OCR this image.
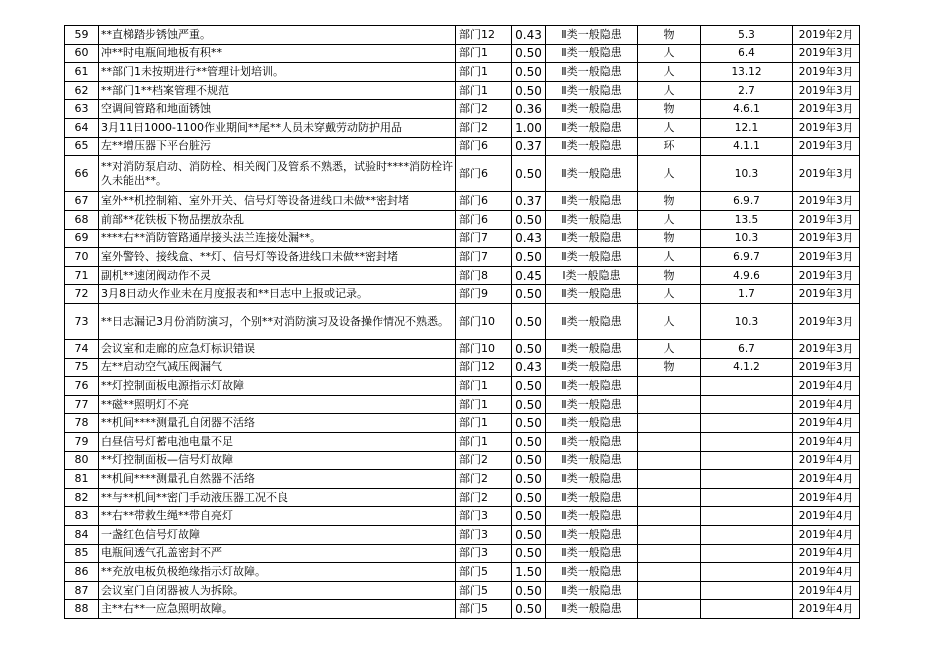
59	**直梯踏步锈蚀严重。	部门12	0.43	Ⅱ类一般隐患	物	5.3	2019年2月
60	冲**时电瓶间地板有积**	部门1	0.50	Ⅱ类一般隐患	人	6.4	2019年3月
61	**部门1未按期进行**管理计划培训。	部门1	0.50	Ⅱ类一般隐患	人	13.12	2019年3月
62	**部门1**档案管理不规范	部门1	0.50	Ⅱ类一般隐患	人	2.7	2019年3月
63	空调间管路和地面锈蚀	部门2	0.36	Ⅱ类一般隐患	物	4.6.1	2019年3月
64	3月11日1000-1100作业期间**尾**人员未穿戴劳动防护用品	部门2	1.00	Ⅱ类一般隐患	人	12.1	2019年3月
65	左**增压器下平台脏污	部门6	0.37	Ⅱ类一般隐患	环	4.1.1	2019年3月
66	**对消防泵启动、消防栓、相关阀门及管系不熟悉，试验时****消防栓许久未能出**。	部门6	0.50	Ⅱ类一般隐患	人	10.3	2019年3月
67	室外**机控制箱、室外开关、信号灯等设备进线口未做**密封堵	部门6	0.37	Ⅱ类一般隐患	物	6.9.7	2019年3月
68	前部**花铁板下物品摆放杂乱	部门6	0.50	Ⅱ类一般隐患	人	13.5	2019年3月
69	****右**消防管路通岸接头法兰连接处漏**。	部门7	0.43	Ⅱ类一般隐患	物	10.3	2019年3月
70	室外警铃、接线盒、**灯、信号灯等设备进线口未做**密封堵	部门7	0.50	Ⅱ类一般隐患	人	6.9.7	2019年3月
71	副机**速闭阀动作不灵	部门8	0.45	Ⅰ类一般隐患	物	4.9.6	2019年3月
72	3月8日动火作业未在月度报表和**日志中上报或记录。	部门9	0.50	Ⅱ类一般隐患	人	1.7	2019年3月
73	**日志漏记3月份消防演习，个别**对消防演习及设备操作情况不熟悉。	部门10	0.50	Ⅱ类一般隐患	人	10.3	2019年3月
74	会议室和走廊的应急灯标识错误	部门10	0.50	Ⅱ类一般隐患	人	6.7	2019年3月
75	左**启动空气减压阀漏气	部门12	0.43	Ⅱ类一般隐患	物	4.1.2	2019年3月
76	**灯控制面板电源指示灯故障	部门1	0.50	Ⅱ类一般隐患			2019年4月
77	**磁**照明灯不亮	部门1	0.50	Ⅱ类一般隐患			2019年4月
78	**机间****测量孔自闭器不活络	部门1	0.50	Ⅱ类一般隐患			2019年4月
79	白昼信号灯蓄电池电量不足	部门1	0.50	Ⅱ类一般隐患			2019年4月
80	**灯控制面板—信号灯故障	部门2	0.50	Ⅱ类一般隐患			2019年4月
81	**机间****测量孔自然器不活络	部门2	0.50	Ⅱ类一般隐患			2019年4月
82	**与**机间**密门手动液压器工况不良	部门2	0.50	Ⅱ类一般隐患			2019年4月
83	**右**带救生绳**带自亮灯	部门3	0.50	Ⅱ类一般隐患			2019年4月
84	一盏红色信号灯故障	部门3	0.50	Ⅱ类一般隐患			2019年4月
85	电瓶间透气孔盖密封不严	部门3	0.50	Ⅱ类一般隐患			2019年4月
86	**充放电板负极绝缘指示灯故障。	部门5	1.50	Ⅱ类一般隐患			2019年4月
87	会议室门自闭器被人为拆除。	部门5	0.50	Ⅱ类一般隐患			2019年4月
88	主**右**一应急照明故障。	部门5	0.50	Ⅱ类一般隐患			2019年4月
